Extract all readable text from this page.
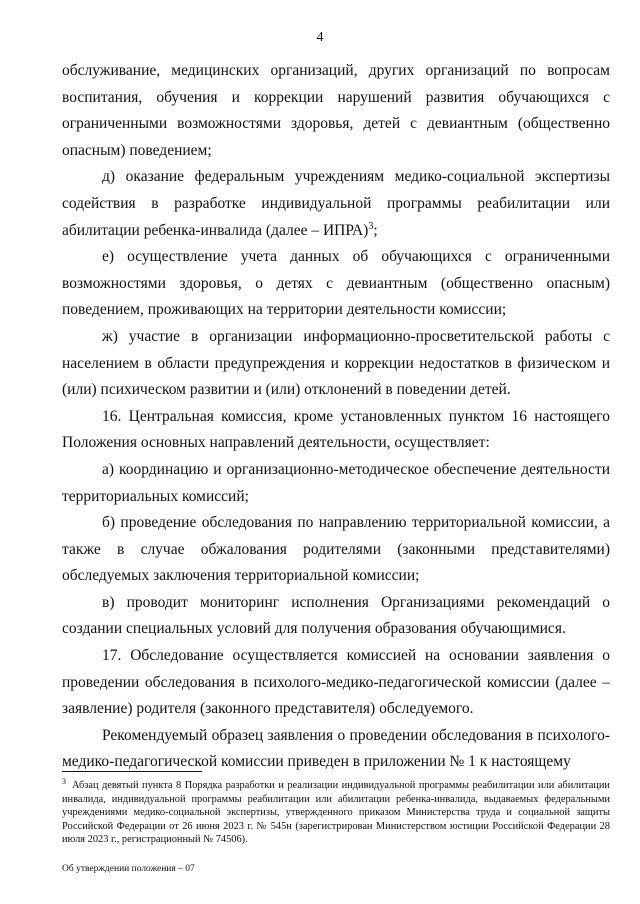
4

обслуживание, медицинских организаций, других организаций по вопросам воспитания, обучения и коррекции нарушений развития обучающихся с ограниченными возможностями здоровья, детей с девиантным (общественно опасным) поведением;

д) оказание федеральным учреждениям медико-социальной экспертизы содействия в разработке индивидуальной программы реабилитации или абилитации ребенка-инвалида (далее – ИПРА)$^3$;

е) осуществление учета данных об обучающихся с ограниченными возможностями здоровья, о детях с девиантным (общественно опасным) поведением, проживающих на территории деятельности комиссии;

ж) участие в организации информационно-просветительской работы с населением в области предупреждения и коррекции недостатков в физическом и (или) психическом развитии и (или) отклонений в поведении детей.

16. Центральная комиссия, кроме установленных пунктом 16 настоящего Положения основных направлений деятельности, осуществляет:

а) координацию и организационно-методическое обеспечение деятельности территориальных комиссий;

б) проведение обследования по направлению территориальной комиссии, а также в случае обжалования родителями (законными представителями) обследуемых заключения территориальной комиссии;

в) проводит мониторинг исполнения Организациями рекомендаций о создании специальных условий для получения образования обучающимися.

17. Обследование осуществляется комиссией на основании заявления о проведении обследования в психолого-медико-педагогической комиссии (далее – заявление) родителя (законного представителя) обследуемого.

Рекомендуемый образец заявления о проведении обследования в психолого-медико-педагогической комиссии приведен в приложении № 1 к настоящему

$^3$ Абзац девятый пункта 8 Порядка разработки и реализации индивидуальной программы реабилитации или абилитации инвалида, индивидуальной программы реабилитации или абилитации ребенка-инвалида, выдаваемых федеральными учреждениями медико-социальной экспертизы, утвержденного приказом Министерства труда и социальной защиты Российской Федерации от 26 июня 2023 г. № 545н (зарегистрирован Министерством юстиции Российской Федерации 28 июля 2023 г., регистрационный № 74506).
Об утверждении положения – 07
